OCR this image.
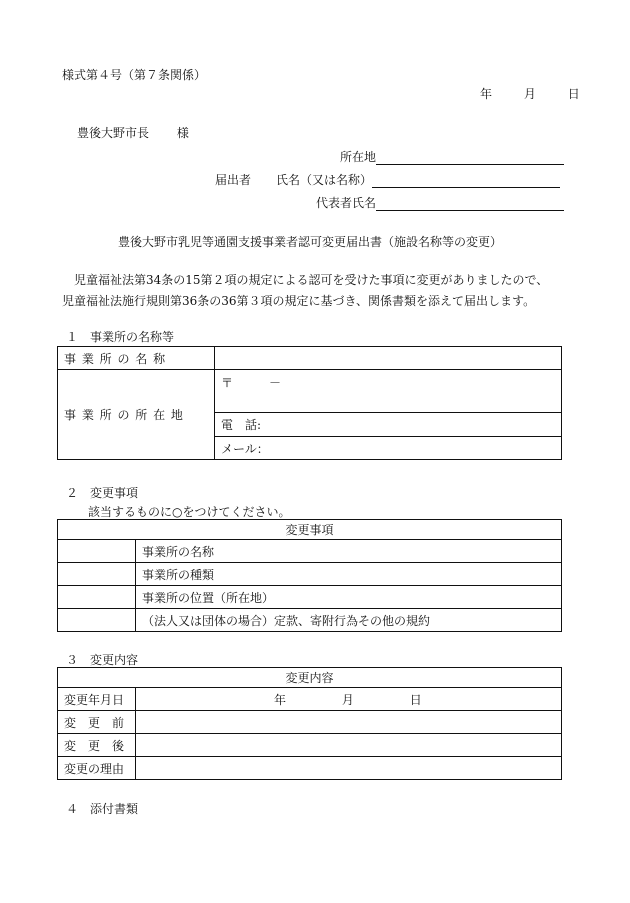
様式第４号（第７条関係）
年	月	日
豊後大野市長 様
所在地
届出者 氏名（又は名称）
代表者氏名
豊後大野市乳児等通園支援事業者認可変更届出書（施設名称等の変更）
児童福祉法第34条の15第２項の規定による認可を受けた事項に変更がありましたので、
児童福祉法施行規則第36条の36第３項の規定に基づき、関係書類を添えて届出します。
１　事業所の名称等
事 業 所 の 名 称	
事 業 所 の 所 在 地	〒　　　－
	電　話:
	メール：
２　変更事項
該当するものに○をつけてください。
変更事項	
	事業所の名称
	事業所の種類
	事業所の位置（所在地）
	（法人又は団体の場合）定款、寄附行為その他の規約
３　変更内容
変更内容	
変更年月日	年 月 日
変　更　前	
変　更　後	
変更の理由	
４　添付書類
